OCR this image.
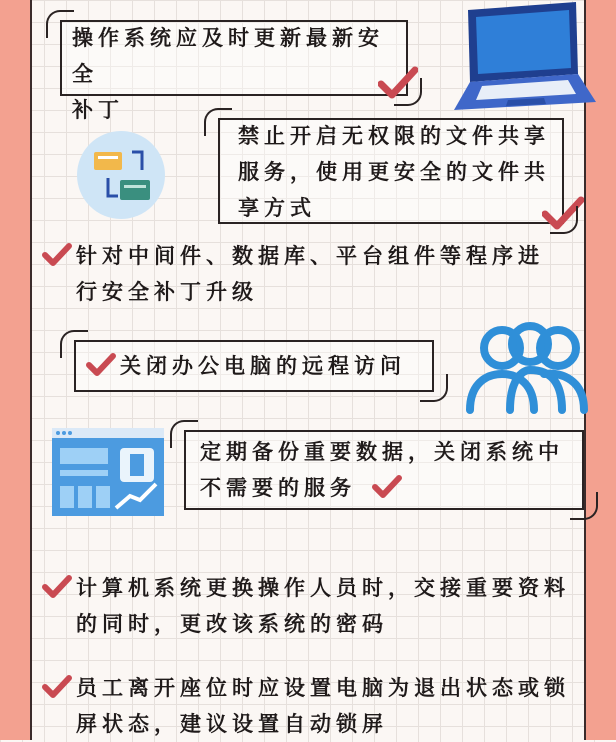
操作系统应及时更新最新安全
补丁
禁止开启无权限的文件共享
服务，使用更安全的文件共
享方式
针对中间件、数据库、平台组件等程序进
行安全补丁升级
关闭办公电脑的远程访问
定期备份重要数据，关闭系统中
不需要的服务
计算机系统更换操作人员时，交接重要资料
的同时，更改该系统的密码
员工离开座位时应设置电脑为退出状态或锁
屏状态，建议设置自动锁屏
